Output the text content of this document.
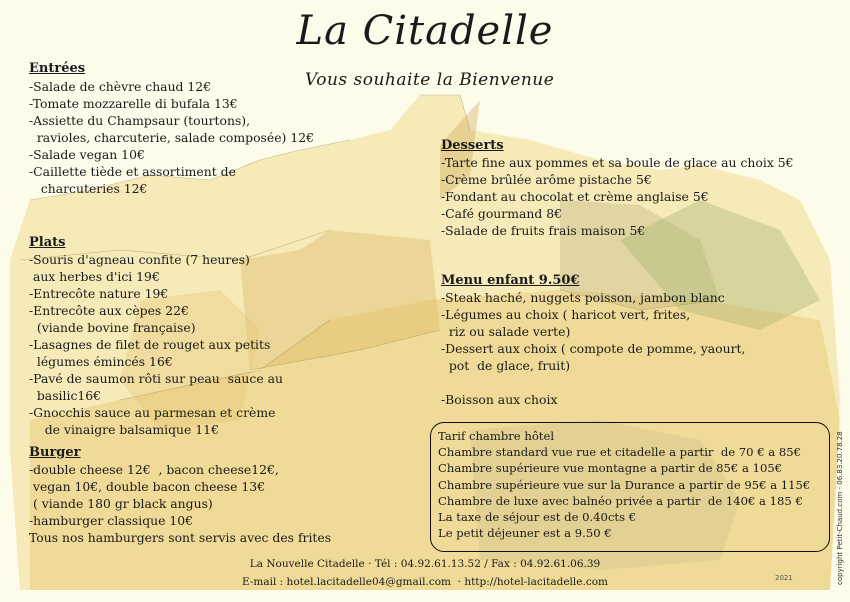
La Citadelle
Vous souhaite la Bienvenue
Entrées
-Salade de chèvre chaud 12€
-Tomate mozzarelle di bufala 13€
-Assiette du Champsaur (tourtons),
ravioles, charcuterie, salade composée) 12€
-Salade vegan 10€
-Caillette tiède et assortiment de
charcuteries 12€
Plats
-Souris d'agneau confite (7 heures)
aux herbes d'ici 19€
-Entrecôte nature 19€
-Entrecôte aux cèpes 22€
(viande bovine française)
-Lasagnes de filet de rouget aux petits
légumes émincés 16€
-Pavé de saumon rôti sur peau  sauce au
basilic16€
-Gnocchis sauce au parmesan et crème
de vinaigre balsamique 11€
Burger
-double cheese 12€  , bacon cheese12€,
vegan 10€, double bacon cheese 13€
( viande 180 gr black angus)
-hamburger classique 10€
Tous nos hamburgers sont servis avec des frites
Desserts
-Tarte fine aux pommes et sa boule de glace au choix 5€
-Crème brûlée arôme pistache 5€
-Fondant au chocolat et crème anglaise 5€
-Café gourmand 8€
-Salade de fruits frais maison 5€
Menu enfant 9.50€
-Steak haché, nuggets poisson, jambon blanc
-Légumes au choix ( haricot vert, frites,
riz ou salade verte)
-Dessert aux choix ( compote de pomme, yaourt,
pot  de glace, fruit)
-Boisson aux choix
Tarif chambre hôtel
Chambre standard vue rue et citadelle a partir  de 70 € a 85€
Chambre supérieure vue montagne a partir de 85€ a 105€
Chambre supérieure vue sur la Durance a partir de 95€ a 115€
Chambre de luxe avec balnéo privée a partir  de 140€ a 185 €
La taxe de séjour est de 0.40cts €
Le petit déjeuner est a 9.50 €
La Nouvelle Citadelle · Tél : 04.92.61.13.52 / Fax : 04.92.61.06.39
E-mail : hotel.lacitadelle04@gmail.com  · http://hotel-lacitadelle.com	2021	copyright Petit-Chaud.com - 06.83.20.78.28
